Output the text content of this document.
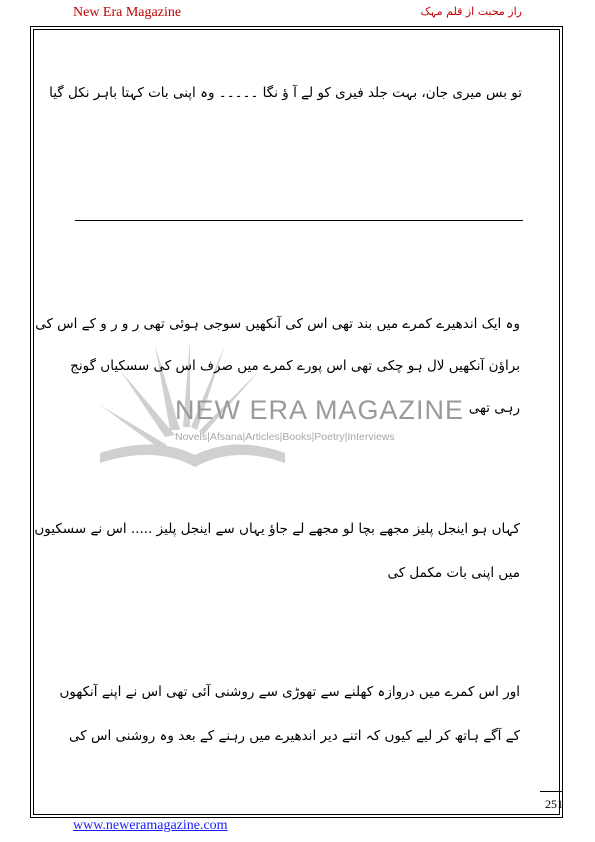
New Era Magazine	راز محبت از قلم مہک
NEW ERA MAGAZINE
Novels|Afsana|Articles|Books|Poetry|Interviews
تو بس میری جان، بہت جلد فیری کو لے آ ؤ نگا ۔۔۔۔۔ وہ اپنی بات کہتا باہر نکل گیا
وہ ایک اندھیرے کمرے میں بند تھی اس کی آنکھیں سوجی ہوئی تھی ر و ر و کے اس کی
براؤن آنکھیں لال ہو چکی تھی اس پورے کمرے میں صرف اس کی سسکیاں گونج
رہی تھی
کہاں ہو اینجل پلیز مجھے بچا لو مجھے لے جاؤ یہاں سے اینجل پلیز ..... اس نے سسکیوں
میں اپنی بات مکمل کی
اور اس کمرے میں دروازہ کھلنے سے تھوڑی سے روشنی آئی تھی اس نے اپنے آنکھوں
کے آگے ہاتھ کر لیے کیوں کہ اتنے دیر اندھیرے میں رہنے کے بعد وہ روشنی اس کی
251
www.neweramagazine.com
